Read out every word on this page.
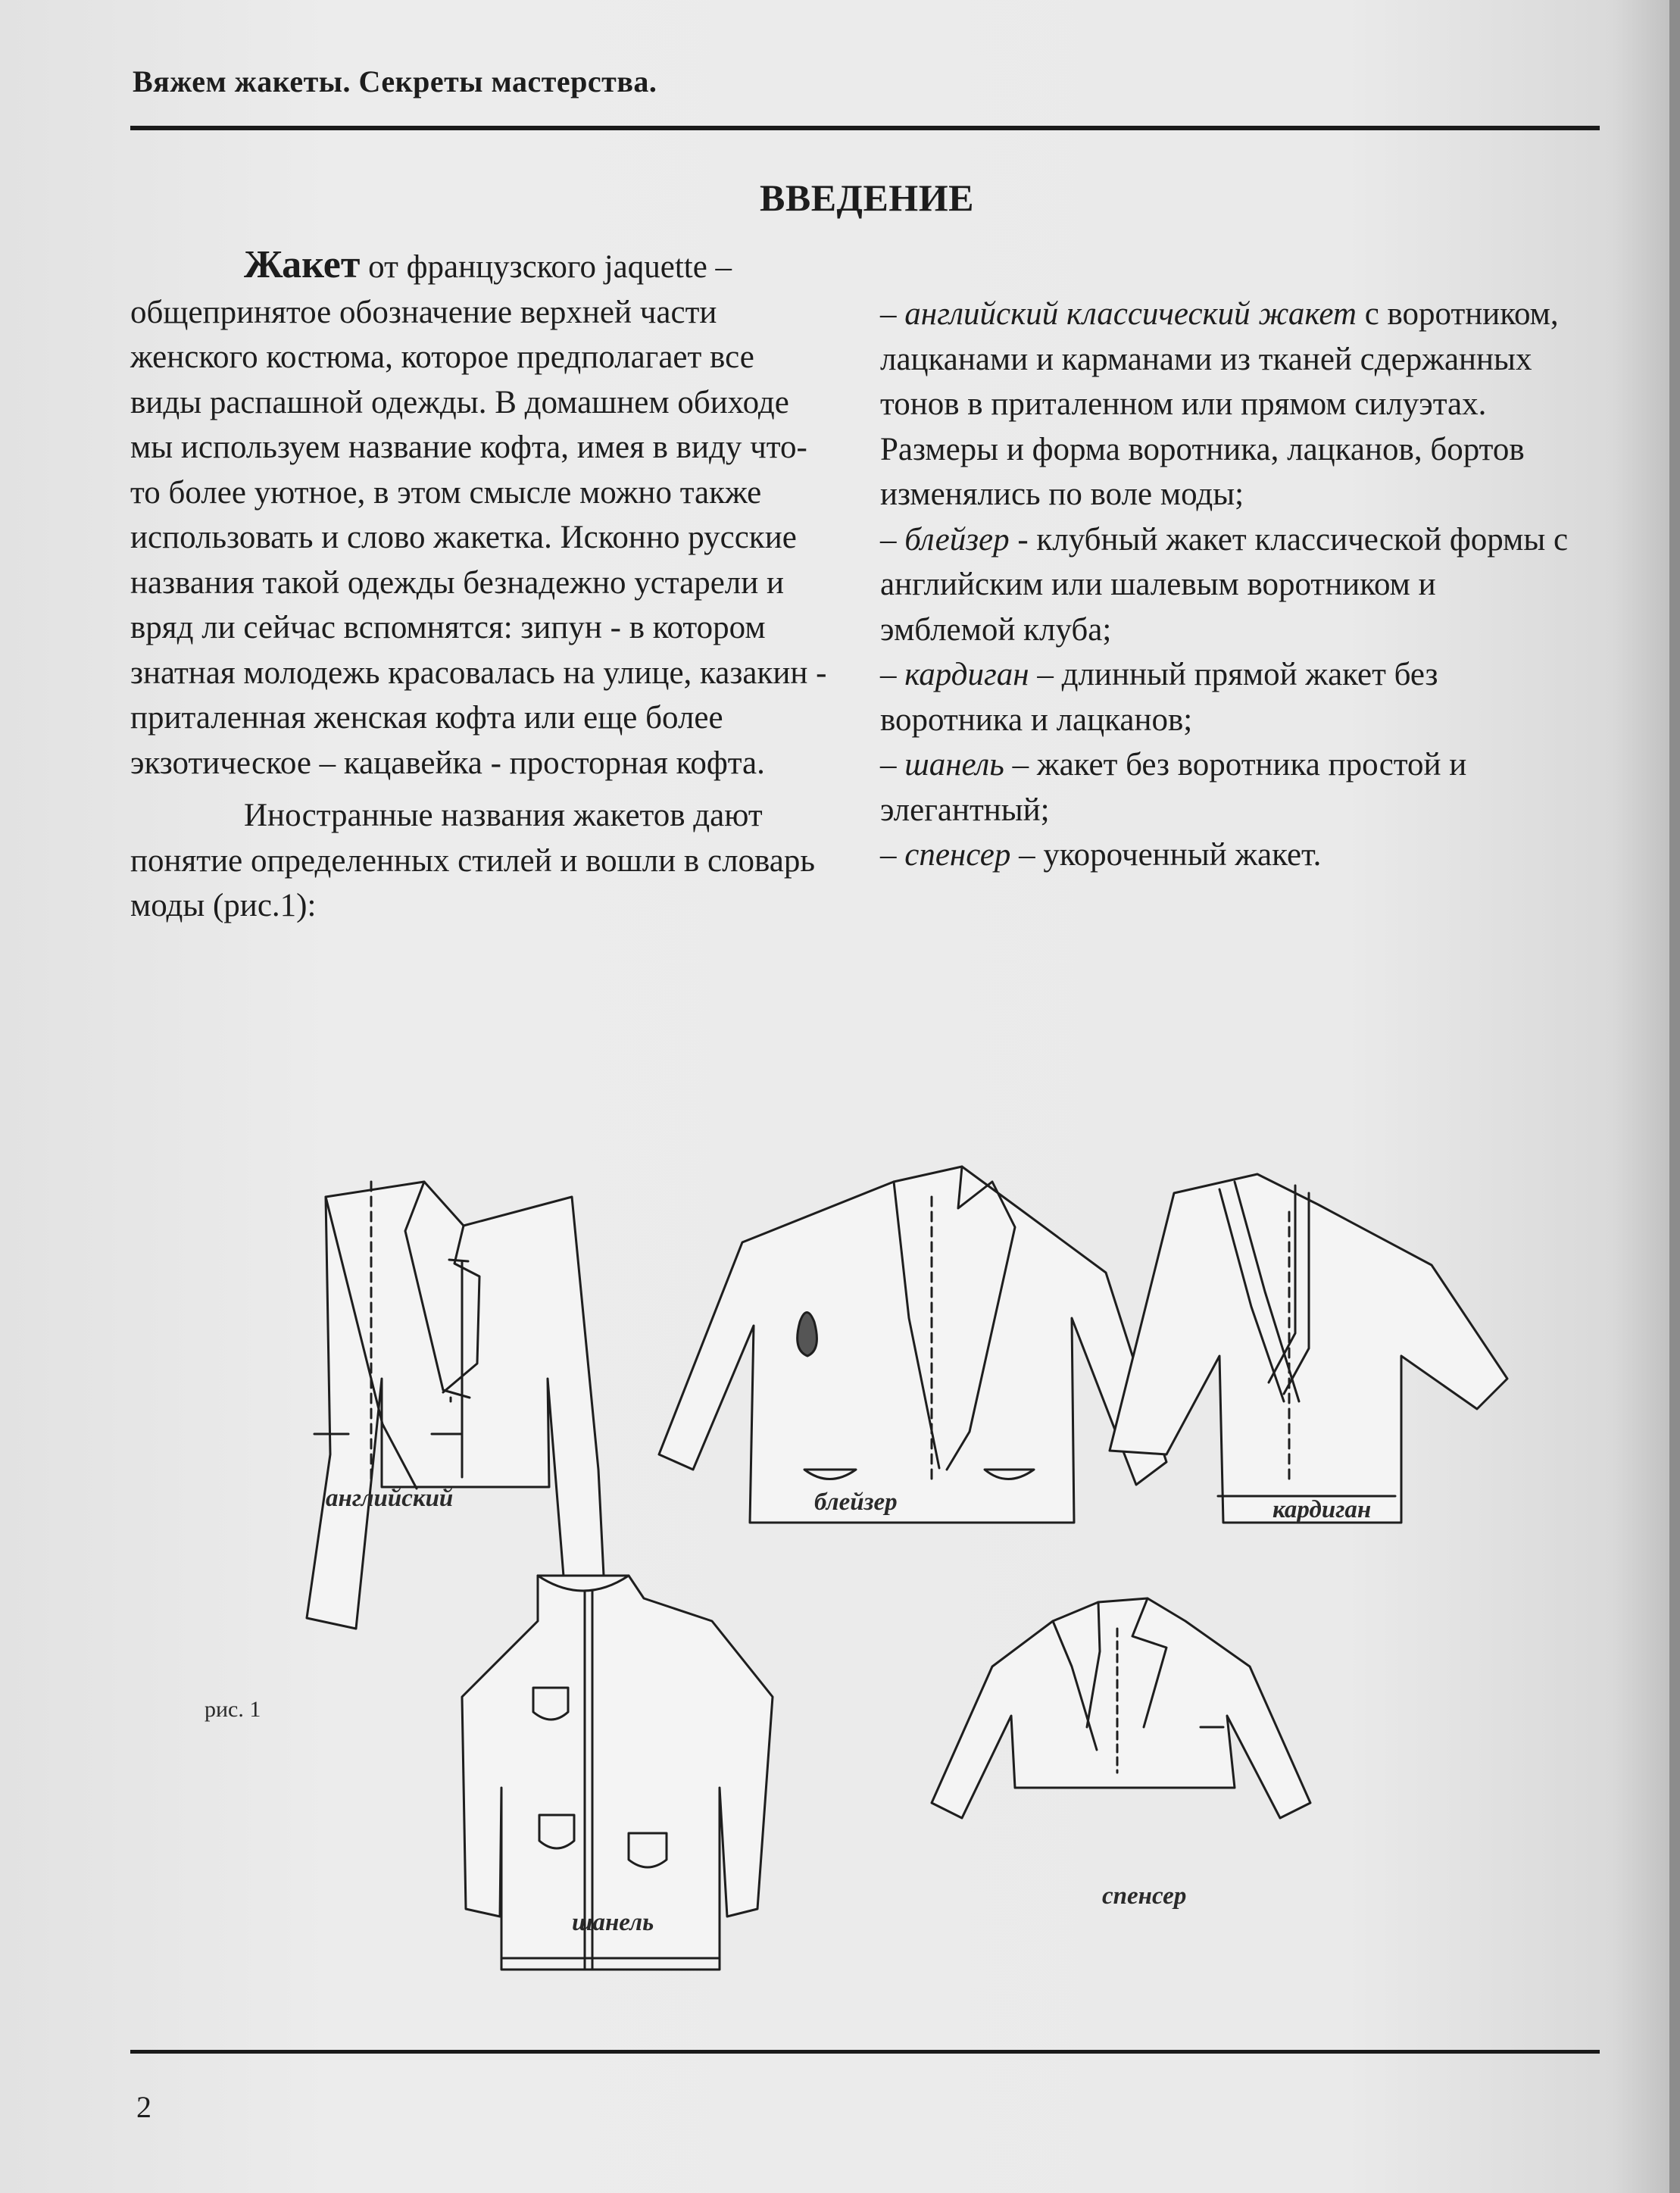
Вяжем жакеты. Секреты мастерства.
ВВЕДЕНИЕ

Жакет от французского jaquette – общепринятое обозначение верхней части женского костюма, которое предполагает все виды распашной одежды. В домашнем обиходе мы используем название кофта, имея в виду что-то более уютное, в этом смысле можно также использовать и слово жакетка. Исконно русские названия такой одежды безнадежно устарели и вряд ли сейчас вспомнятся: зипун - в котором знатная молодежь красовалась на улице, казакин - приталенная женская кофта или еще более экзотическое – кацавейка - просторная кофта.

Иностранные названия жакетов дают понятие определенных стилей и вошли в словарь моды (рис.1):

– английский классический жакет с воротником, лацканами и карманами из тканей сдержанных тонов в приталенном или прямом силуэтах. Размеры и форма воротника, лацканов, бортов изменялись по воле моды;

– блейзер - клубный жакет классической формы с английским или шалевым воротником и эмблемой клуба;

– кардиган – длинный прямой жакет без воротника и лацканов;

– шанель – жакет без воротника простой и элегантный;

– спенсер – укороченный жакет.

английский	блейзер	кардиган

рис. 1

шанель

спенсер

2
